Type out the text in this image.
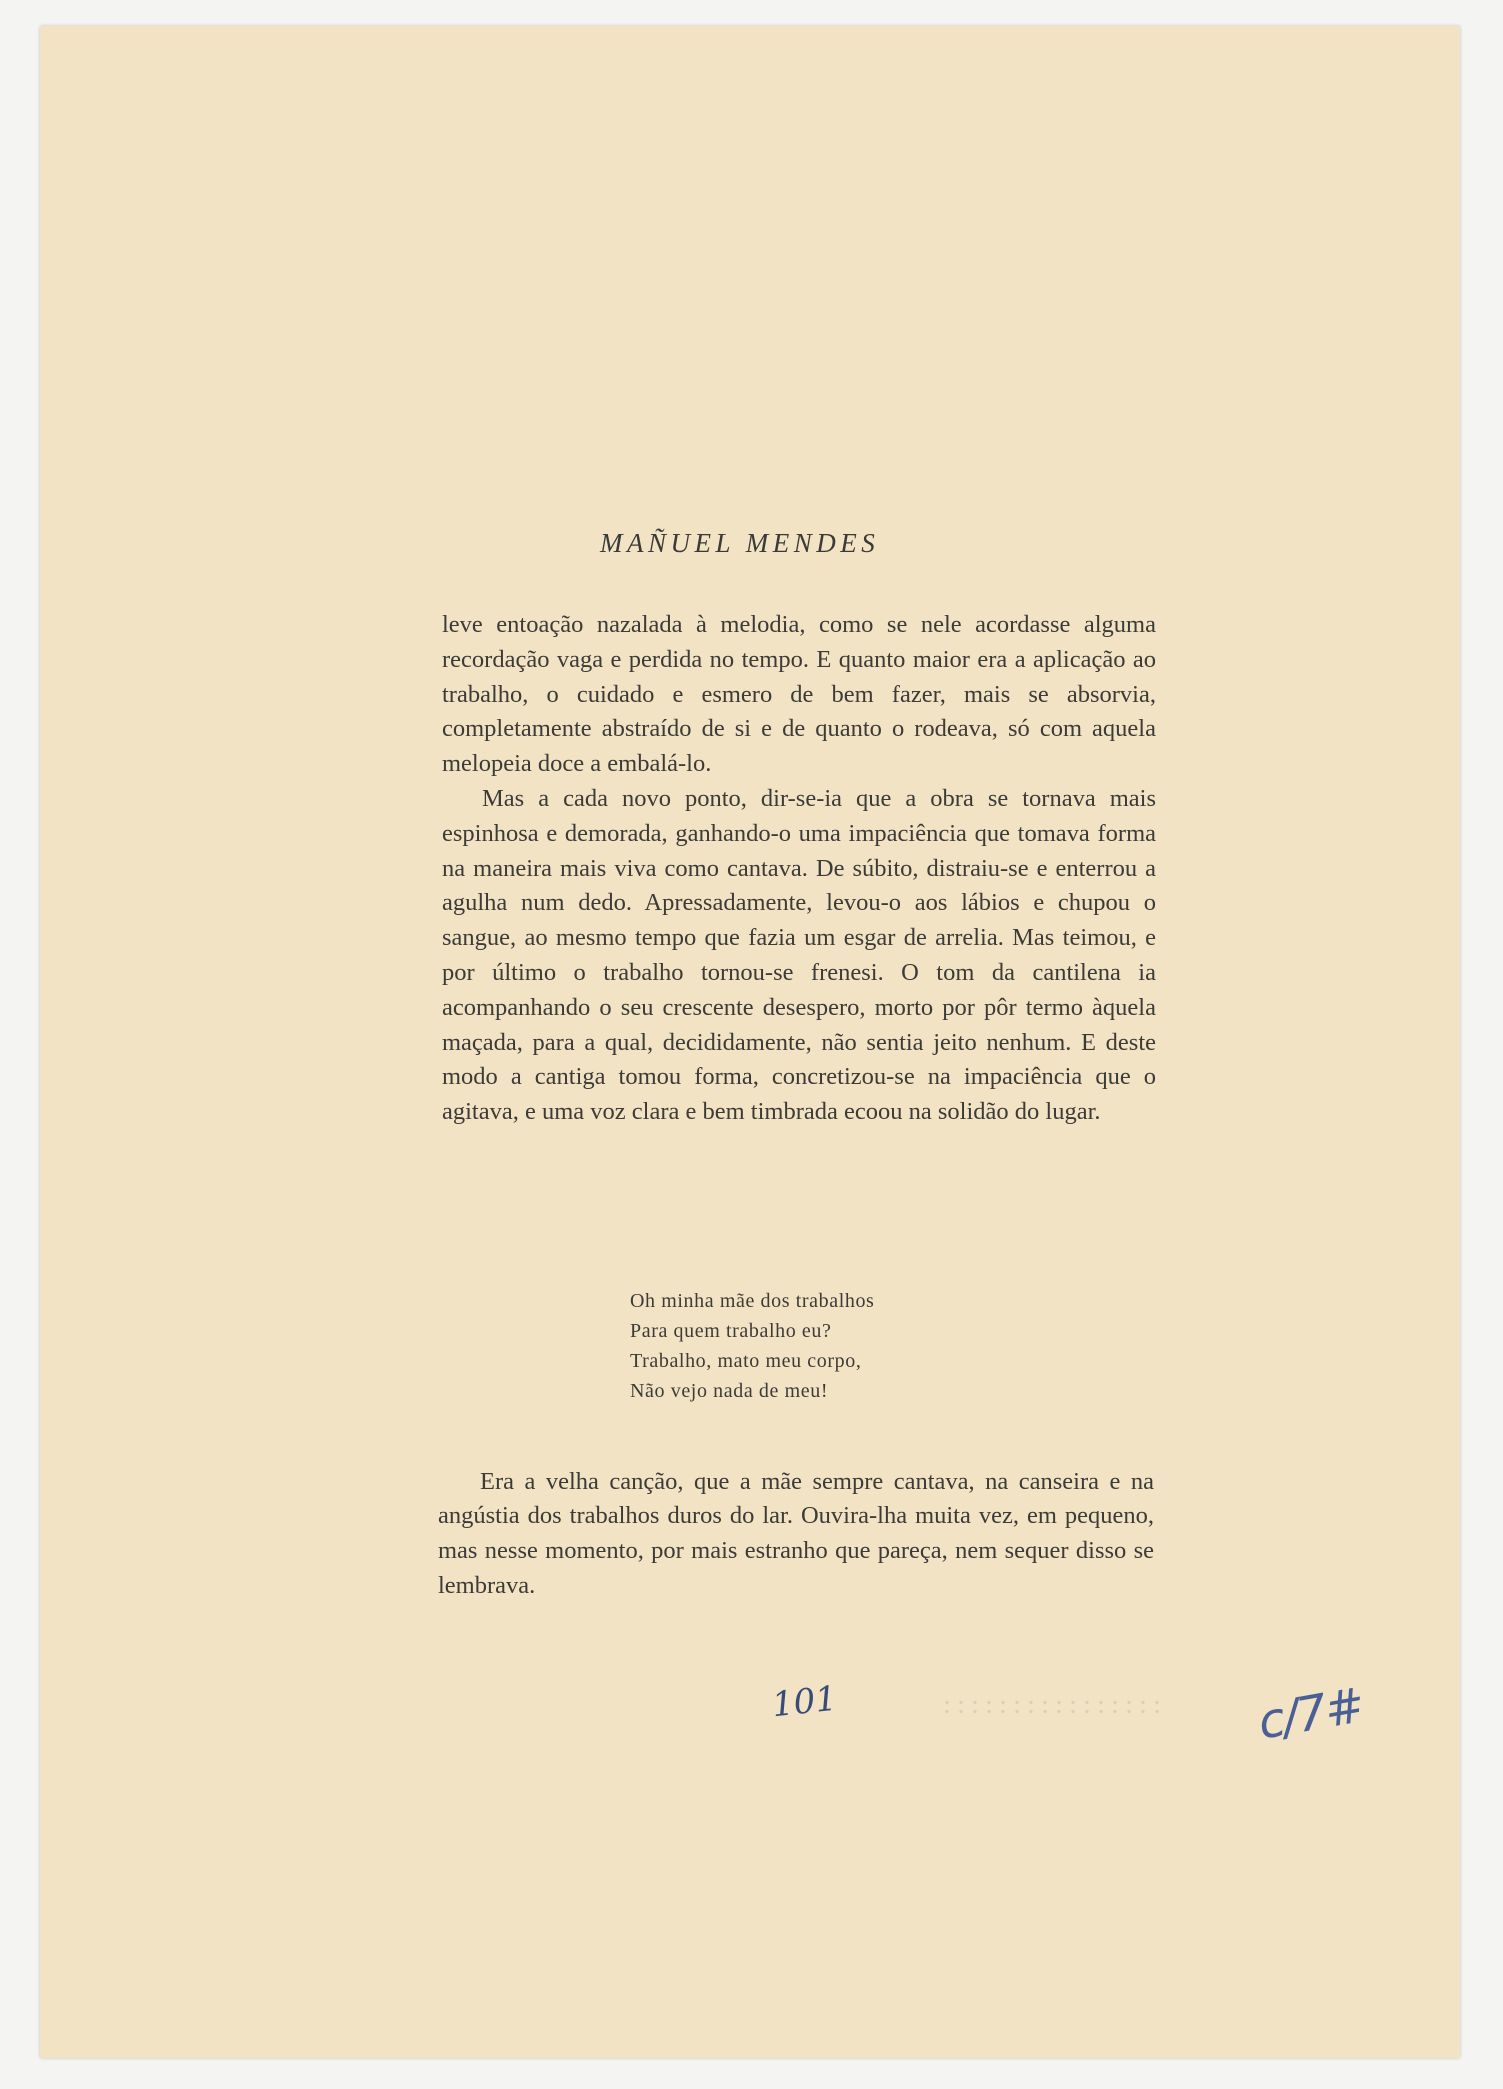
MAÑUEL MENDES

leve entoação nazalada à melodia, como se nele acordasse alguma recordação vaga e perdida no tempo. E quanto maior era a aplicação ao trabalho, o cuidado e esmero de bem fazer, mais se absorvia, completamente abstraído de si e de quanto o rodeava, só com aquela melopeia doce a embalá-lo.

Mas a cada novo ponto, dir-se-ia que a obra se tornava mais espinhosa e demorada, ganhando-o uma impaciência que tomava forma na maneira mais viva como cantava. De súbito, distraiu-se e enterrou a agulha num dedo. Apressadamente, levou-o aos lábios e chupou o sangue, ao mesmo tempo que fazia um esgar de arrelia. Mas teimou, e por último o trabalho tornou-se frenesi. O tom da cantilena ia acompanhando o seu crescente desespero, morto por pôr termo àquela maçada, para a qual, decididamente, não sentia jeito nenhum. E deste modo a cantiga tomou forma, concretizou-se na impaciência que o agitava, e uma voz clara e bem timbrada ecoou na solidão do lugar.

Oh minha mãe dos trabalhos
Para quem trabalho eu?
Trabalho, mato meu corpo,
Não vejo nada de meu!

Era a velha canção, que a mãe sempre cantava, na canseira e na angústia dos trabalhos duros do lar. Ouvira-lha muita vez, em pequeno, mas nesse momento, por mais estranho que pareça, nem sequer disso se lembrava.

101	c/7#
